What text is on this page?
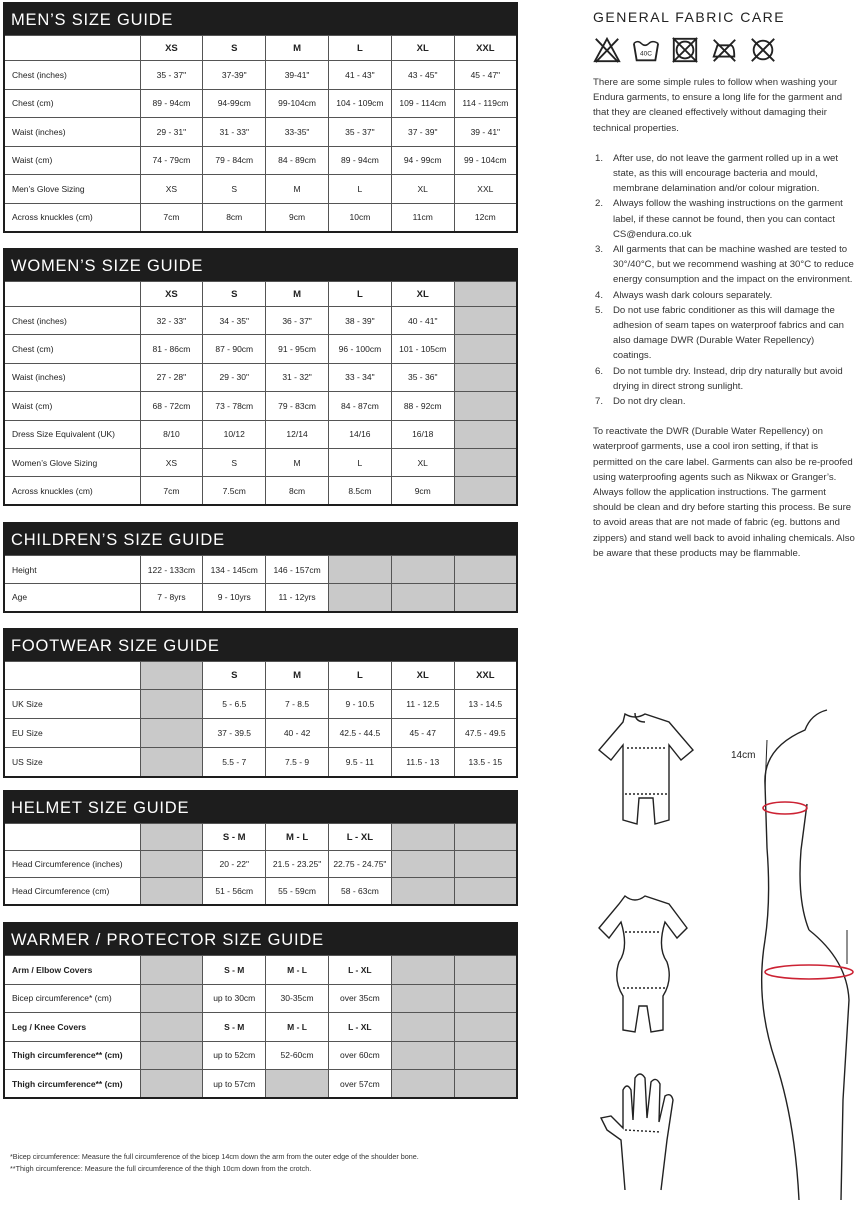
MEN’S SIZE GUIDE
	XS	S	M	L	XL	XXL
Chest (inches)	35 - 37"	37-39"	39-41"	41 - 43"	43 - 45"	45 - 47"
Chest (cm)	89 - 94cm	94-99cm	99-104cm	104 - 109cm	109 - 114cm	114 - 119cm
Waist (inches)	29 - 31"	31 - 33"	33-35"	35 - 37"	37 - 39"	39 - 41"
Waist (cm)	74 - 79cm	79 - 84cm	84 - 89cm	89 - 94cm	94 - 99cm	99 - 104cm
Men’s Glove Sizing	XS	S	M	L	XL	XXL
Across knuckles (cm)	7cm	8cm	9cm	10cm	11cm	12cm
WOMEN’S SIZE GUIDE
	XS	S	M	L	XL	
Chest (inches)	32 - 33"	34 - 35"	36 - 37"	38 - 39"	40 - 41"	
Chest (cm)	81 - 86cm	87 - 90cm	91 - 95cm	96 - 100cm	101 - 105cm	
Waist (inches)	27 - 28"	29 - 30"	31 - 32"	33 - 34"	35 - 36"	
Waist (cm)	68 - 72cm	73 - 78cm	79 - 83cm	84 - 87cm	88 - 92cm	
Dress Size Equivalent (UK)	8/10	10/12	12/14	14/16	16/18	
Women’s Glove Sizing	XS	S	M	L	XL	
Across knuckles (cm)	7cm	7.5cm	8cm	8.5cm	9cm	
CHILDREN’S SIZE GUIDE
Height	122 - 133cm	134 - 145cm	146 - 157cm			
Age	7 - 8yrs	9 - 10yrs	11 - 12yrs			
FOOTWEAR SIZE GUIDE
		S	M	L	XL	XXL
UK Size		5 - 6.5	7 - 8.5	9 - 10.5	11 - 12.5	13 - 14.5
EU Size		37 - 39.5	40 - 42	42.5 - 44.5	45 - 47	47.5 - 49.5
US Size		5.5 - 7	7.5 - 9	9.5 - 11	11.5 - 13	13.5 - 15
HELMET SIZE GUIDE
		S - M	M - L	L - XL		
Head Circumference (inches)		20 - 22"	21.5 - 23.25"	22.75 - 24.75"		
Head Circumference (cm)		51 - 56cm	55 - 59cm	58 - 63cm		
WARMER / PROTECTOR SIZE GUIDE
Arm / Elbow Covers		S - M	M - L	L - XL		
Bicep circumference* (cm)		up to 30cm	30-35cm	over 35cm		
Leg / Knee Covers		S - M	M - L	L - XL		
Thigh circumference** (cm)		up to 52cm	52-60cm	over 60cm		
Thigh circumference** (cm)		up to 57cm		over 57cm		
*Bicep circumference: Measure the full circumference of the bicep 14cm down the arm from the outer edge of the shoulder bone.
**Thigh circumference: Measure the full circumference of the thigh 10cm down from the crotch.
GENERAL FABRIC CARE
40C

There are some simple rules to follow when washing your Endura garments, to ensure a long life for the garment and that they are cleaned effectively without damaging their technical properties.

1. After use, do not leave the garment rolled up in a wet state, as this will encourage bacteria and mould, membrane delamination and/or colour migration.
2. Always follow the washing instructions on the garment label, if these cannot be found, then you can contact CS@endura.co.uk
3. All garments that can be machine washed are tested to 30°/40°C, but we recommend washing at 30°C to reduce energy consumption and the impact on the environment.
4. Always wash dark colours separately.
5. Do not use fabric conditioner as this will damage the adhesion of seam tapes on waterproof fabrics and can also damage DWR (Durable Water Repellency) coatings.
6. Do not tumble dry. Instead, drip dry naturally but avoid drying in direct strong sunlight.
7. Do not dry clean.

To reactivate the DWR (Durable Water Repellency) on waterproof garments, use a cool iron setting, if that is permitted on the care label. Garments can also be re-proofed using waterproofing agents such as Nikwax or Granger’s. Always follow the application instructions. The garment should be clean and dry before starting this process. Be sure to avoid areas that are not made of fabric (eg. buttons and zippers) and stand well back to avoid inhaling chemicals. Also be aware that these products may be flammable.

14cm
